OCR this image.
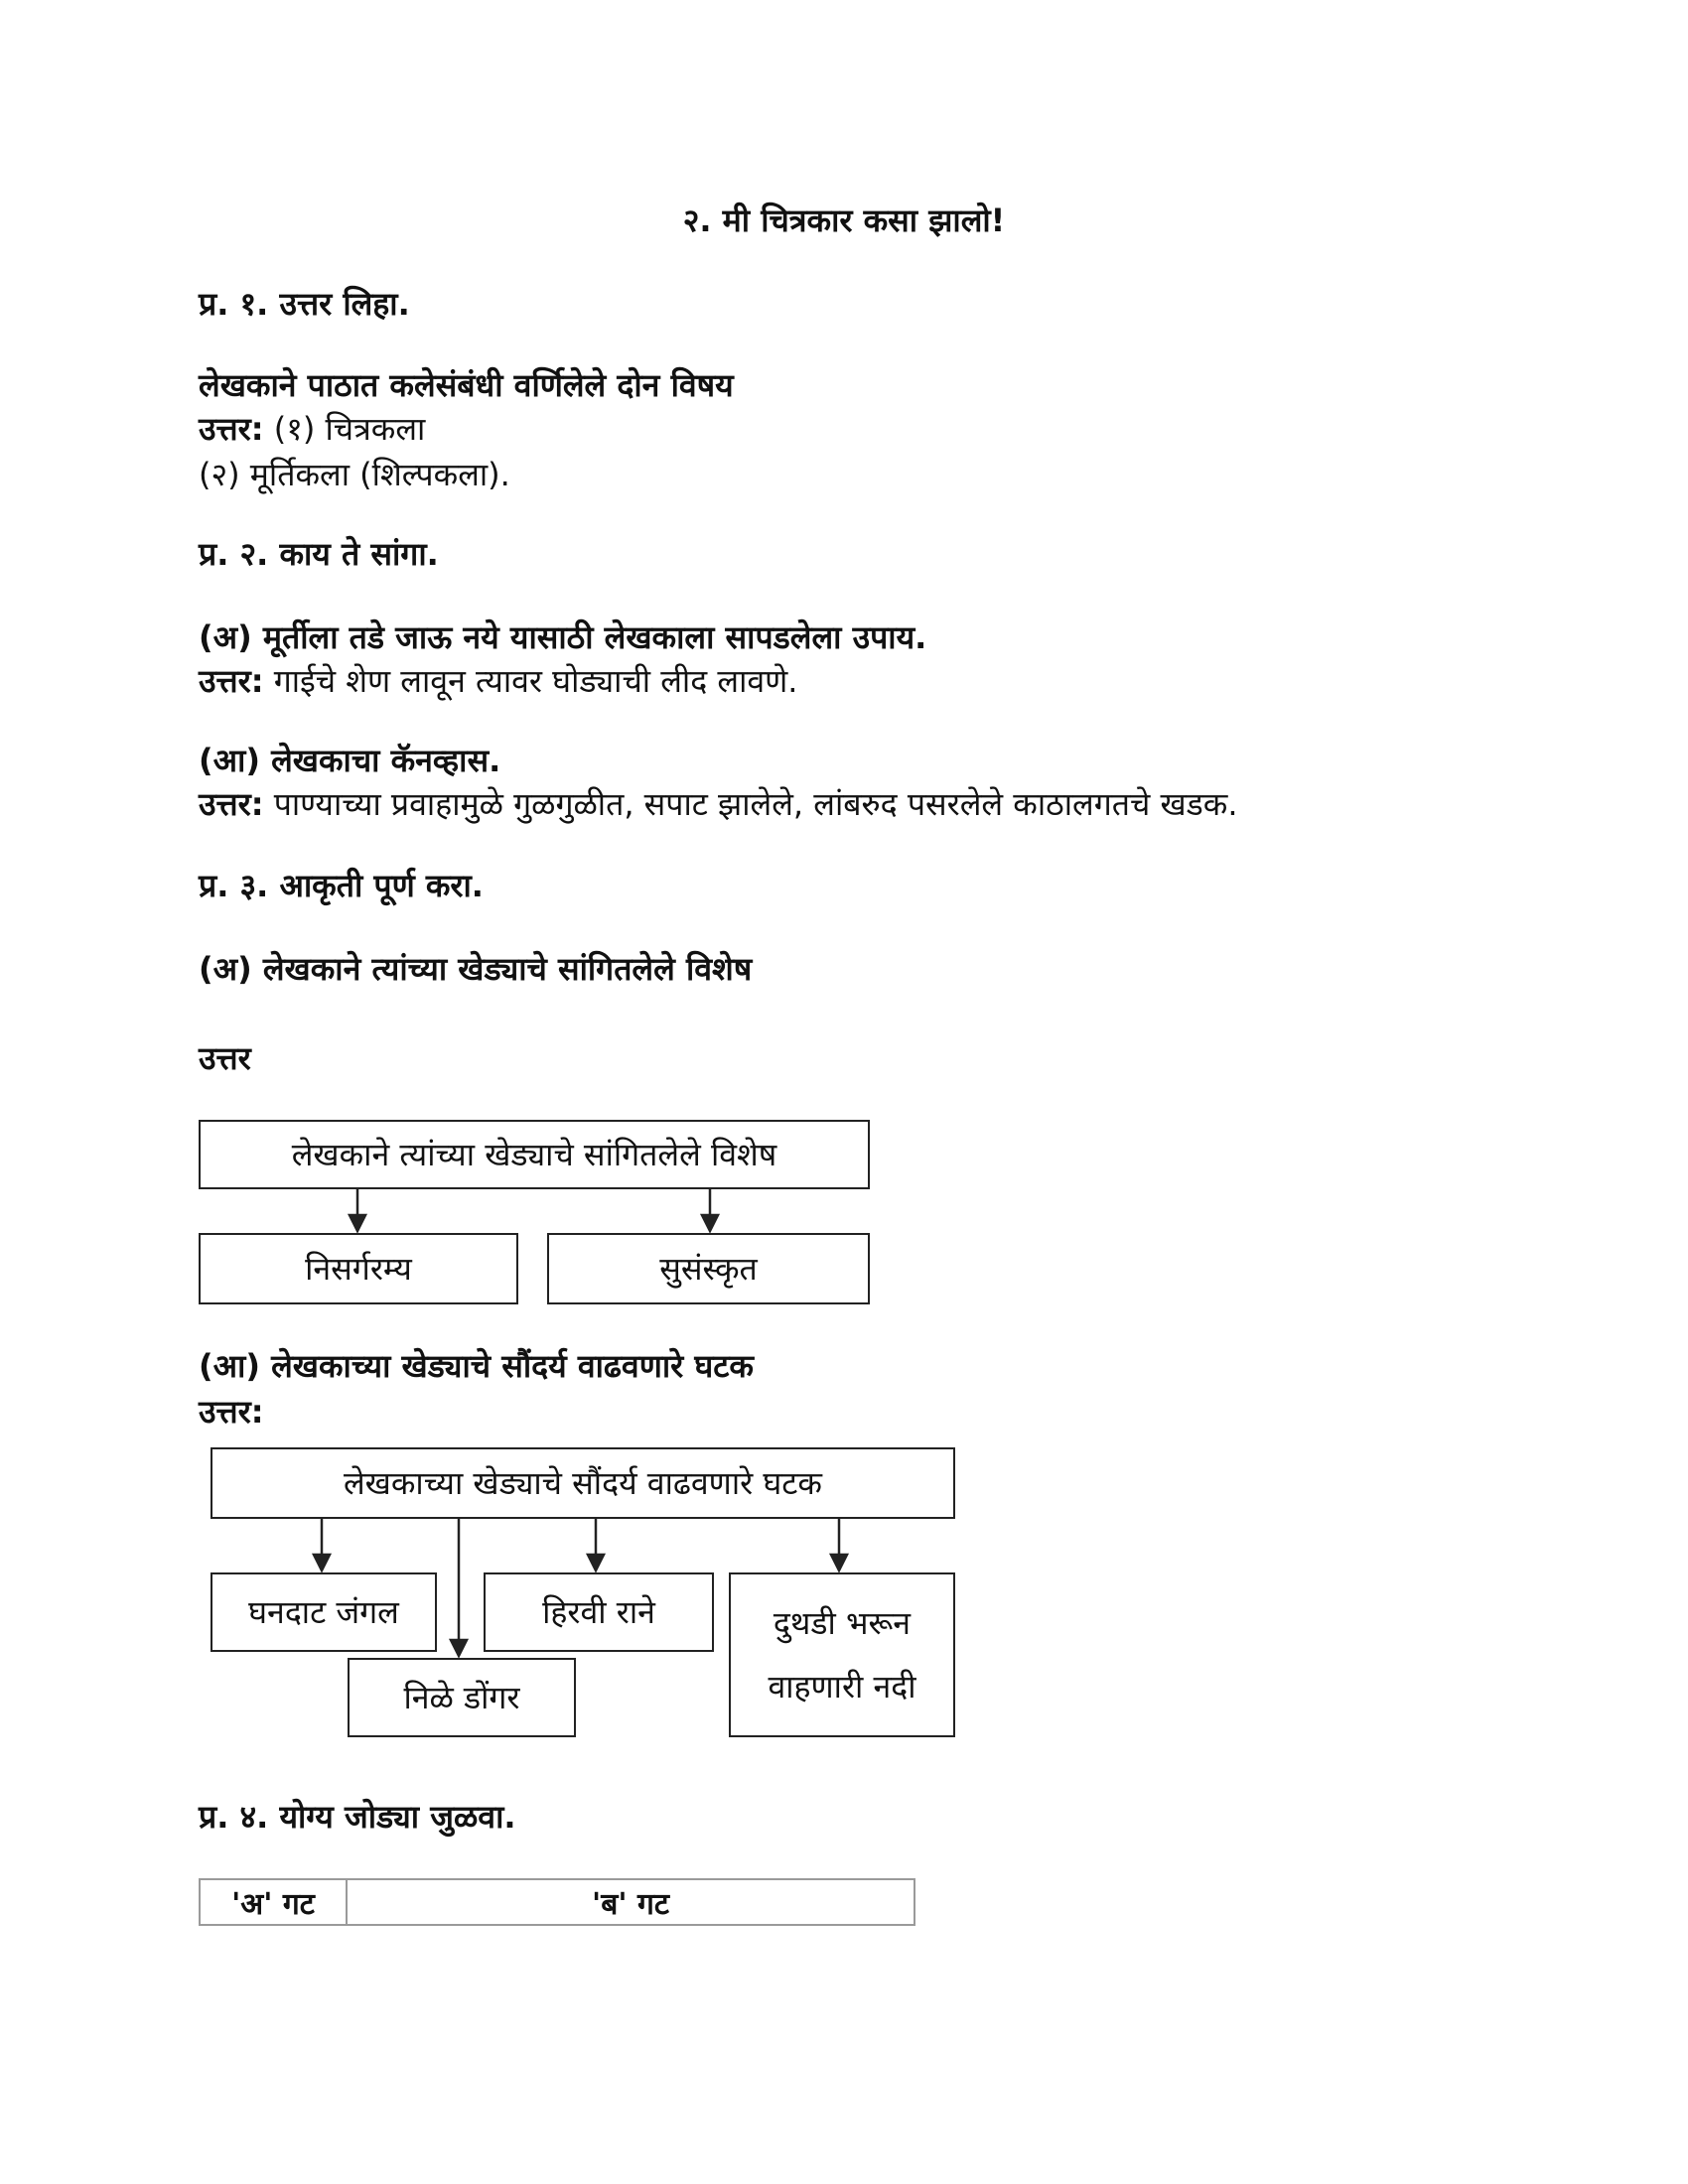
२. मी चित्रकार कसा झालो!
प्र. १. उत्तर लिहा.
लेखकाने पाठात कलेसंबंधी वर्णिलेले दोन विषय
उत्तर: (१) चित्रकला
(२) मूर्तिकला (शिल्पकला).
प्र. २. काय ते सांगा.
(अ) मूर्तीला तडे जाऊ नये यासाठी लेखकाला सापडलेला उपाय.
उत्तर: गाईचे शेण लावून त्यावर घोड्याची लीद लावणे.
(आ) लेखकाचा कॅनव्हास.
उत्तर: पाण्याच्या प्रवाहामुळे गुळगुळीत, सपाट झालेले, लांबरुद पसरलेले काठालगतचे खडक.
प्र. ३. आकृती पूर्ण करा.
(अ) लेखकाने त्यांच्या खेड्याचे सांगितलेले विशेष
उत्तर
लेखकाने त्यांच्या खेड्याचे सांगितलेले विशेष
निसर्गरम्य	सुसंस्कृत
(आ) लेखकाच्या खेड्याचे सौंदर्य वाढवणारे घटक
उत्तर:
लेखकाच्या खेड्याचे सौंदर्य वाढवणारे घटक
घनदाट जंगल
निळे डोंगर
हिरवी राने	दुथडी भरून वाहणारी नदी
प्र. ४. योग्य जोड्या जुळवा.
'अ' गट	'ब' गट
